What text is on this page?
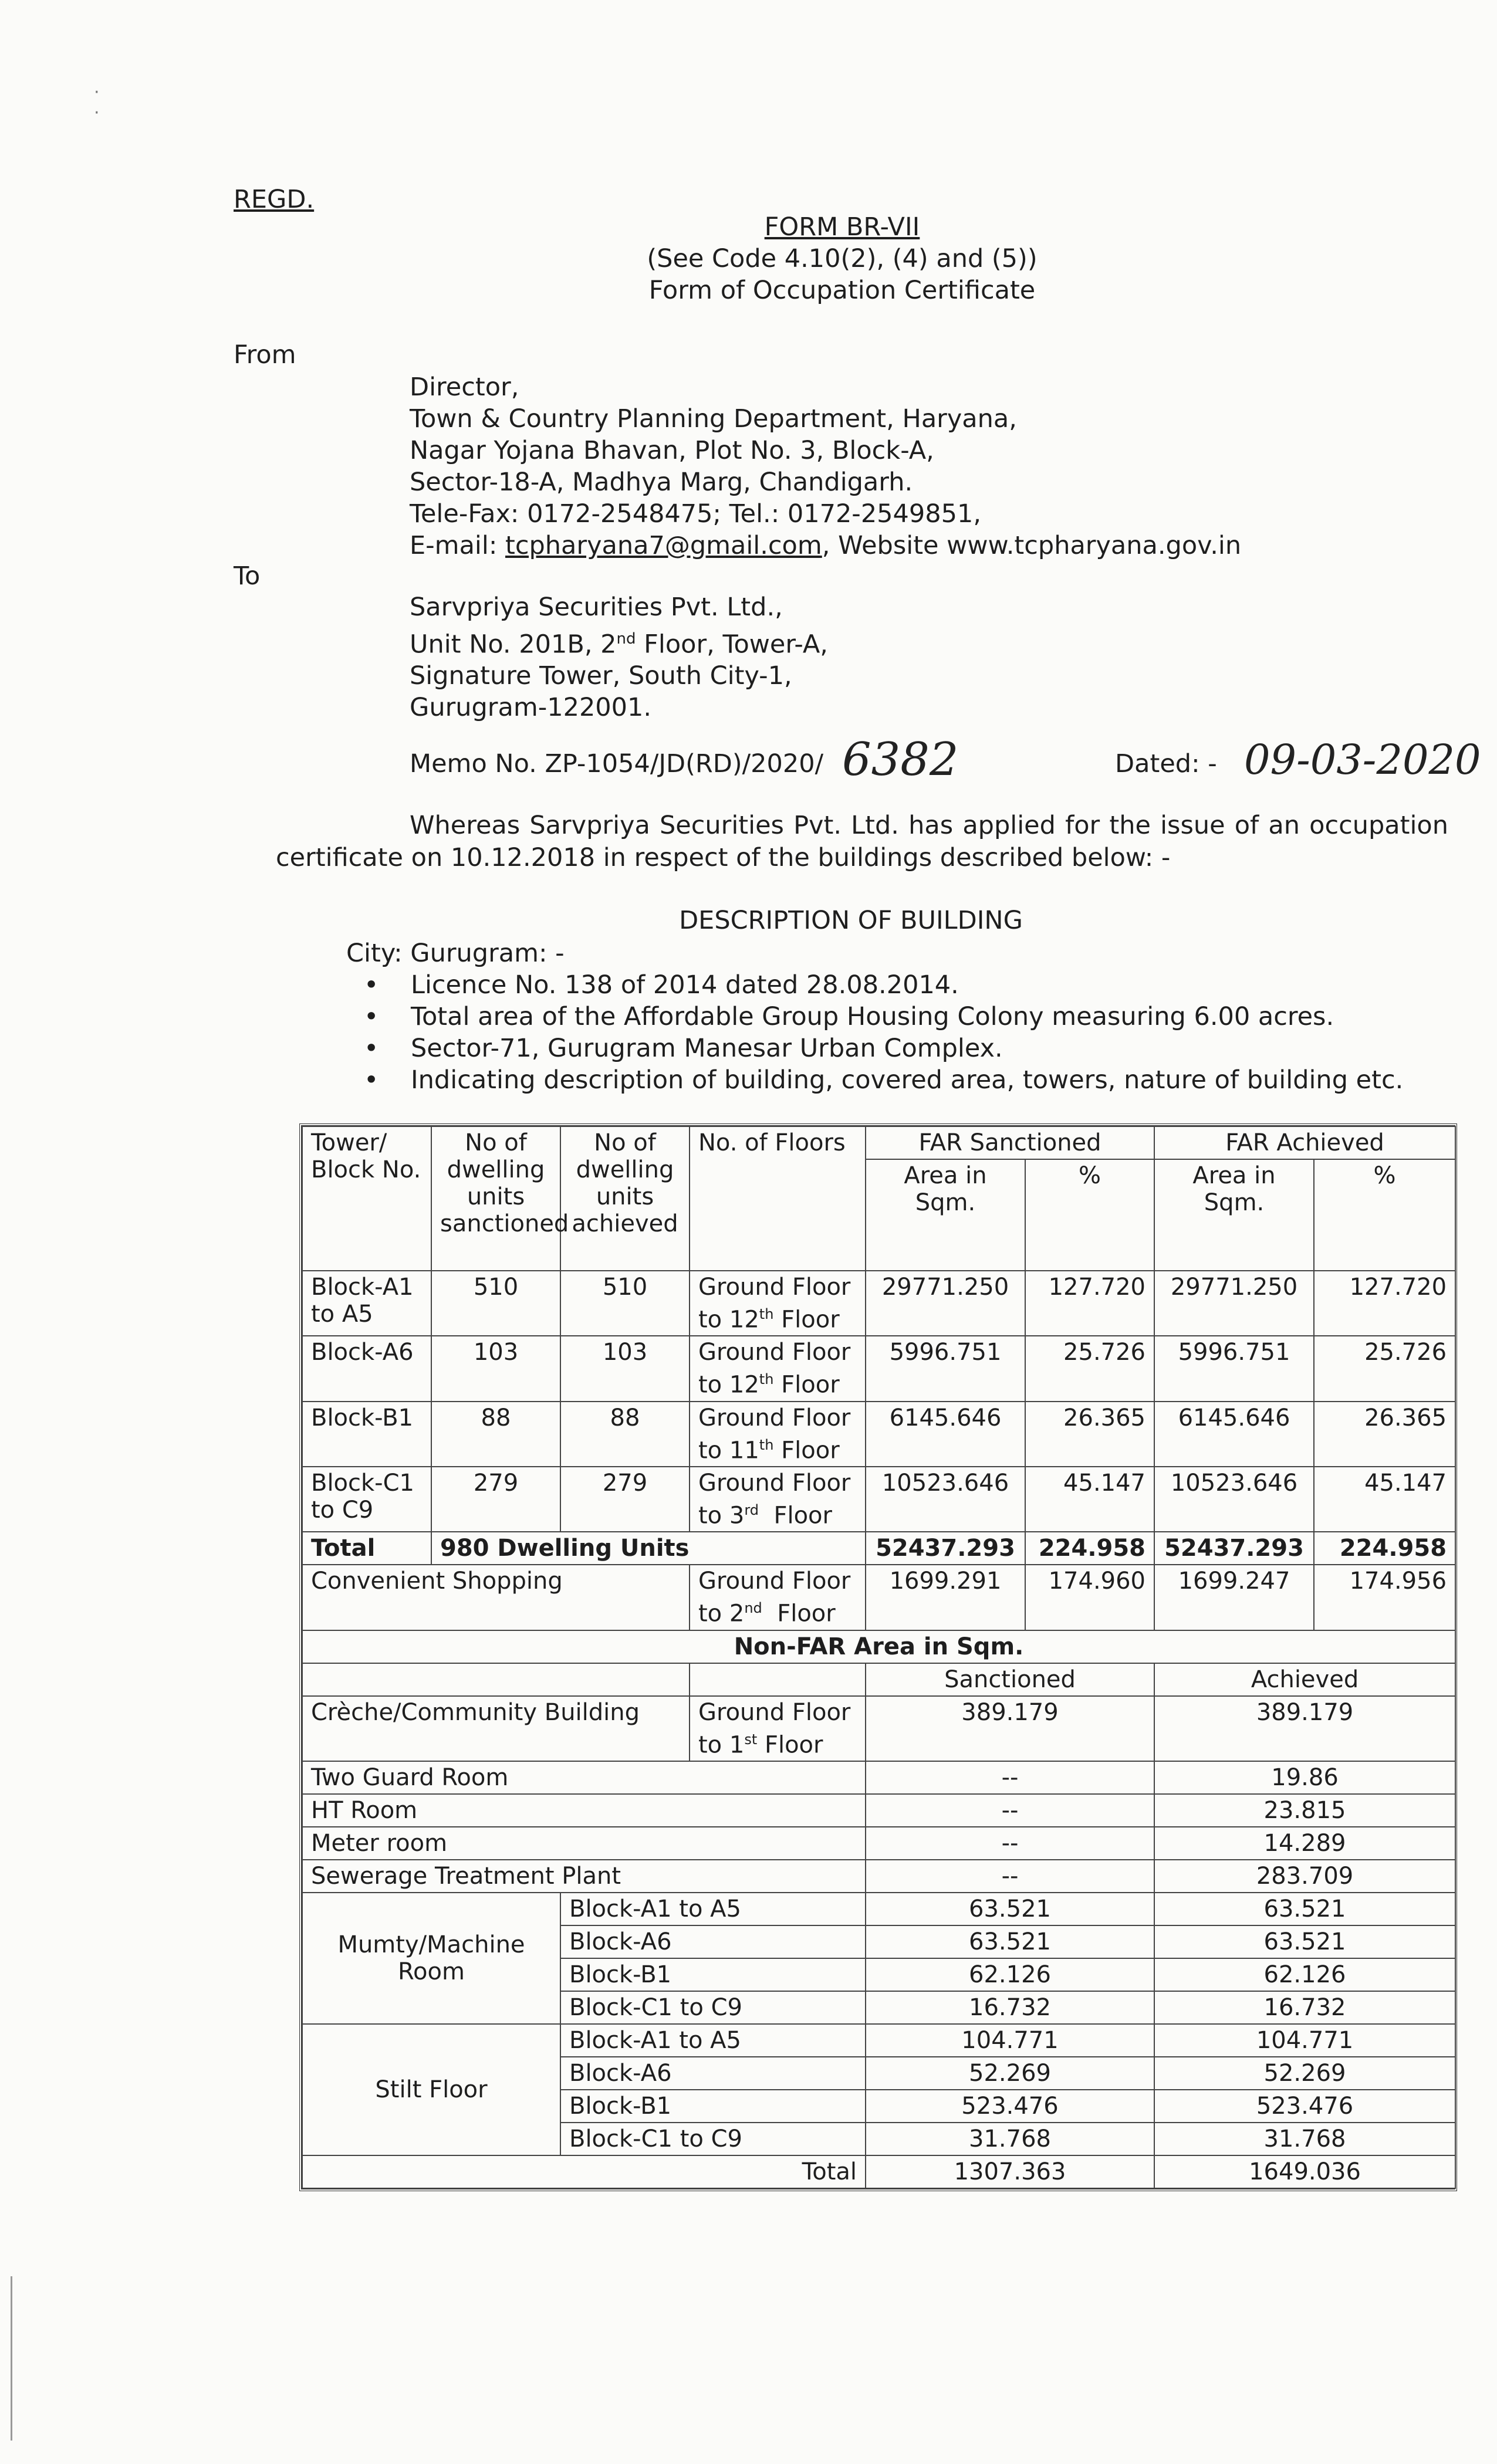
·
·
REGD.
FORM BR-VII
(See Code 4.10(2), (4) and (5))
Form of Occupation Certificate
From
Director,
Town & Country Planning Department, Haryana,
Nagar Yojana Bhavan, Plot No. 3, Block-A,
Sector-18-A, Madhya Marg, Chandigarh.
Tele-Fax: 0172-2548475; Tel.: 0172-2549851,
E-mail: tcpharyana7@gmail.com, Website www.tcpharyana.gov.in
To
Sarvpriya Securities Pvt. Ltd.,
Unit No. 201B, 2nd Floor, Tower-A,
Signature Tower, South City-1,
Gurugram-122001.
Memo No. ZP-1054/JD(RD)/2020/ 6382	Dated: - 09-03-2020
Whereas Sarvpriya Securities Pvt. Ltd. has applied for the issue of an occupation
certificate on 10.12.2018 in respect of the buildings described below: -
DESCRIPTION OF BUILDING
City: Gurugram: -
• Licence No. 138 of 2014 dated 28.08.2014.
• Total area of the Affordable Group Housing Colony measuring 6.00 acres.
• Sector-71, Gurugram Manesar Urban Complex.
• Indicating description of building, covered area, towers, nature of building etc.
Tower/ Block No.	No of dwelling units sanctioned	No of dwelling units achieved	No. of Floors	FAR Sanctioned		FAR Achieved	
				Area in Sqm.	%	Area in Sqm.	%
Block-A1 to A5	510	510	Ground Floor to 12th Floor	29771.250	127.720	29771.250	127.720
Block-A6	103	103	Ground Floor to 12th Floor	5996.751	25.726	5996.751	25.726
Block-B1	88	88	Ground Floor to 11th Floor	6145.646	26.365	6145.646	26.365
Block-C1 to C9	279	279	Ground Floor to 3rd  Floor	10523.646	45.147	10523.646	45.147
Total	980 Dwelling Units			52437.293	224.958	52437.293	224.958
Convenient Shopping			Ground Floor to 2nd  Floor	1699.291	174.960	1699.247	174.956
Non-FAR Area in Sqm.							
				Sanctioned		Achieved	
Crèche/Community Building			Ground Floor to 1st Floor	389.179		389.179	
Two Guard Room				--		19.86	
HT Room				--		23.815	
Meter room				--		14.289	
Sewerage Treatment Plant				--		283.709	
Mumty/Machine Room		Block-A1 to A5		63.521		63.521	
		Block-A6		63.521		63.521	
		Block-B1		62.126		62.126	
		Block-C1 to C9		16.732		16.732	
Stilt Floor		Block-A1 to A5		104.771		104.771	
		Block-A6		52.269		52.269	
		Block-B1		523.476		523.476	
		Block-C1 to C9		31.768		31.768	
Total				1307.363		1649.036	
